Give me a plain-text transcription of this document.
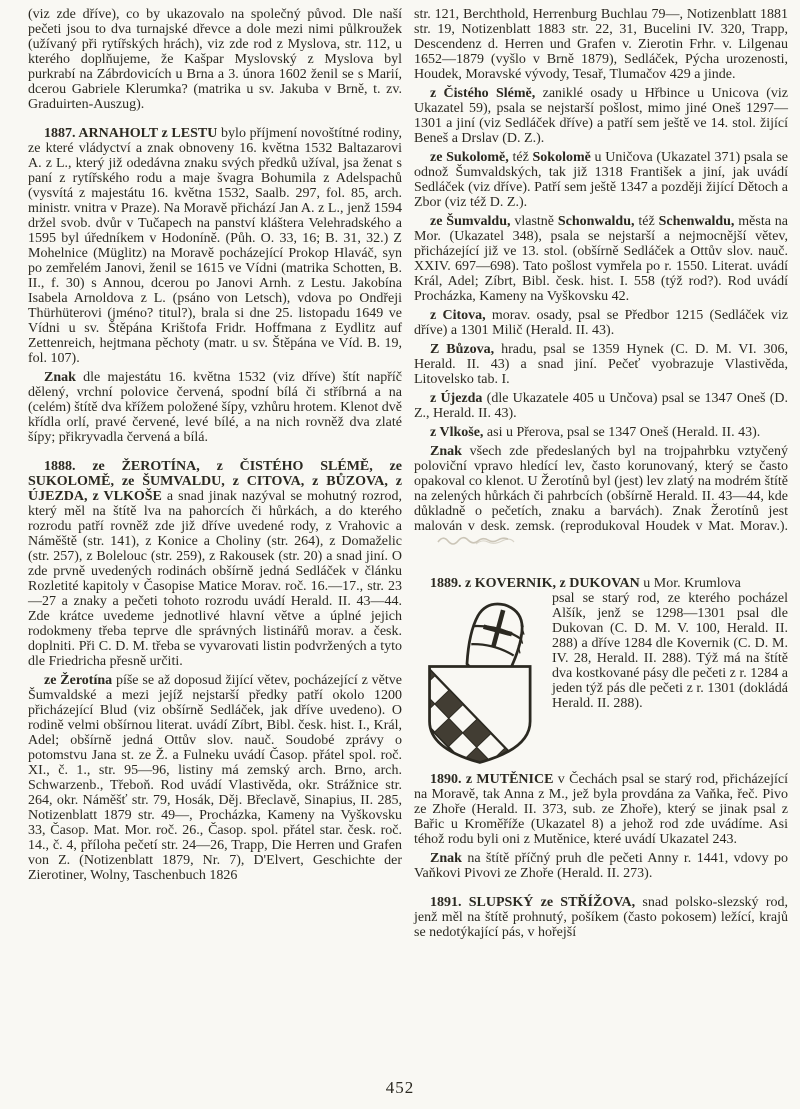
(viz zde dříve), co by ukazovalo na společný původ. Dle naší pečeti jsou to dva turnajské dřevce a dole mezi nimi půlkroužek (užívaný při rytířských hrách), viz zde rod z Myslova, str. 112, u kterého doplňujeme, že Kašpar Myslovský z Myslova byl purkrabí na Zábrdovicích u Brna a 3. února 1602 ženil se s Marií, dcerou Gabriele Klerumka? (matrika u sv. Jakuba v Brně, t. zv. Graduirten-Auszug).

1887. ARNAHOLT z LESTU bylo příjmení novoštítné rodiny, ze které vládyctví a znak obnoveny 16. května 1532 Baltazarovi A. z L., který již odedávna znaku svých předků užíval, jsa ženat s paní z rytířského rodu a maje švagra Bohumila z Adelspachů (vysvítá z majestátu 16. května 1532, Saalb. 297, fol. 85, arch. ministr. vnitra v Praze). Na Moravě přichází Jan A. z L., jenž 1594 držel svob. dvůr v Tučapech na panství kláštera Velehradského a 1595 byl úředníkem v Hodoníně. (Půh. O. 33, 16; B. 31, 32.) Z Mohelnice (Müglitz) na Moravě pocházející Prokop Hlaváč, syn po zemřelém Janovi, ženil se 1615 ve Vídni (matrika Schotten, B. II., f. 30) s Annou, dcerou po Janovi Arnh. z Lestu. Jakobína Isabela Arnoldova z L. (psáno von Letsch), vdova po Ondřeji Thürhüterovi (jméno? titul?), brala si dne 25. listopadu 1649 ve Vídni u sv. Štěpána Krištofa Fridr. Hoffmana z Eydlitz auf Zettenreich, hejtmana pěchoty (matr. u sv. Štěpána ve Víd. B. 19, fol. 107).

Znak dle majestátu 16. května 1532 (viz dříve) štít napříč dělený, vrchní polovice červená, spodní bílá či stříbrná a na (celém) štítě dva křížem položené šípy, vzhůru hrotem. Klenot dvě křídla orlí, pravé červené, levé bílé, a na nich rovněž dva zlaté šípy; přikryvadla červená a bílá.

1888. ze ŽEROTÍNA, z ČISTÉHO SLÉMĚ, ze SUKOLOMĚ, ze ŠUMVALDU, z CITOVA, z BŮZOVA, z ÚJEZDA, z VLKOŠE a snad jinak nazýval se mohutný rozrod, který měl na štítě lva na pahorcích či hůrkách, a do kterého rozrodu patří rovněž zde již dříve uvedené rody, z Vrahovic a Náměště (str. 141), z Konice a Choliny (str. 264), z Domaželic (str. 257), z Bolelouc (str. 259), z Rakousek (str. 20) a snad jiní. O zde prvně uvedených rodinách obšírně jedná Sedláček v článku Rozletité kapitoly v Časopise Matice Morav. roč. 16.—17., str. 23—27 a znaky a pečeti tohoto rozrodu uvádí Herald. II. 43—44. Zde krátce uvedeme jednotlivé hlavní větve a úplné jejich rodokmeny třeba teprve dle správných listinářů morav. a česk. doplniti. Při C. D. M. třeba se vyvarovati listin podvržených a tyto dle Friedricha přesně určiti.

ze Žerotína píše se až doposud žijící větev, pocházející z větve Šumvaldské a mezi jejíž nejstarší předky patří okolo 1200 přicházející Blud (viz obšírně Sedláček, jak dříve uvedeno). O rodině velmi obšírnou literat. uvádí Zíbrt, Bibl. česk. hist. I., Král, Adel; obšírně jedná Ottův slov. nauč. Soudobé zprávy o potomstvu Jana st. ze Ž. a Fulneku uvádí Časop. přátel spol. roč. XI., č. 1., str. 95—96, listiny má zemský arch. Brno, arch. Schwarzenb., Třeboň. Rod uvádí Vlastivěda, okr. Strážnice str. 264, okr. Náměšť str. 79, Hosák, Děj. Břeclavě, Sinapius, II. 285, Notizenblatt 1879 str. 49—, Procházka, Kameny na Vyškovsku 33, Časop. Mat. Mor. roč. 26., Časop. spol. přátel star. česk. roč. 14., č. 4, příloha pečetí str. 24—26, Trapp, Die Herren und Grafen von Z. (Notizenblatt 1879, Nr. 7), D'Elvert, Geschichte der Zierotiner, Wolny, Taschenbuch 1826

str. 121, Berchthold, Herrenburg Buchlau 79—, Notizenblatt 1881 str. 19, Notizenblatt 1883 str. 22, 31, Bucelini IV. 320, Trapp, Descendenz d. Herren und Grafen v. Zierotin Frhr. v. Lilgenau 1652—1879 (vyšlo v Brně 1879), Sedláček, Pýcha urozenosti, Houdek, Moravské vývody, Tesař, Tlumačov 429 a jinde.

z Čistého Slémě, zaniklé osady u Hřbince u Unicova (viz Ukazatel 59), psala se nejstarší pošlost, mimo jiné Oneš 1297—1301 a jiní (viz Sedláček dříve) a patří sem ještě ve 14. stol. žijící Beneš a Drslav (D. Z.).

ze Sukolomě, též Sokolomě u Uničova (Ukazatel 371) psala se odnož Šumvaldských, tak již 1318 František a jiní, jak uvádí Sedláček (viz dříve). Patří sem ještě 1347 a později žijící Dětoch a Zbor (viz též D. Z.).

ze Šumvaldu, vlastně Schonwaldu, též Schenwaldu, města na Mor. (Ukazatel 348), psala se nejstarší a nejmocnější větev, přicházející již ve 13. stol. (obšírně Sedláček a Ottův slov. nauč. XXIV. 697—698). Tato pošlost vymřela po r. 1550. Literat. uvádí Král, Adel; Zíbrt, Bibl. česk. hist. I. 558 (týž rod?). Rod uvádí Procházka, Kameny na Vyškovsku 42.

z Citova, morav. osady, psal se Předbor 1215 (Sedláček viz dříve) a 1301 Milič (Herald. II. 43).

Z Bůzova, hradu, psal se 1359 Hynek (C. D. M. VI. 306, Herald. II. 43) a snad jiní. Pečeť vyobrazuje Vlastivěda, Litovelsko tab. I.

z Újezda (dle Ukazatele 405 u Unčova) psal se 1347 Oneš (D. Z., Herald. II. 43).

z Vlkoše, asi u Přerova, psal se 1347 Oneš (Herald. II. 43).

Znak všech zde předeslaných byl na trojpahrbku vztyčený poloviční vpravo hledící lev, často korunovaný, který se často opakoval co klenot. U Žerotínů byl (jest) lev zlatý na modrém štítě na zelených hůrkách či pahrbcích (obšírně Herald. II. 43—44, kde důkladně o pečetích, znaku a barvách). Znak Žerotínů jest malován v desk. zemsk. (reprodukoval Houdek v Mat. Morav.).

1889. z KOVERNIK, z DUKOVAN u Mor. Krumlova

psal se starý rod, ze kterého pocházel Alšík, jenž se 1298—1301 psal dle Dukovan (C. D. M. V. 100, Herald. II. 288) a dříve 1284 dle Kovernik (C. D. M. IV. 28, Herald. II. 288). Týž má na štítě dva kostkované pásy dle pečeti z r. 1284 a jeden týž pás dle pečeti z r. 1301 (dokládá Herald. II. 288).

1890. z MUTĚNICE v Čechách psal se starý rod, přicházející na Moravě, tak Anna z M., jež byla provdána za Vaňka, řeč. Pivo ze Zhoře (Herald. II. 373, sub. ze Zhoře), který se jinak psal z Bařic u Kroměříže (Ukazatel 8) a jehož rod zde uvádíme. Asi téhož rodu byli oni z Mutěnice, které uvádí Ukazatel 243.

Znak na štítě příčný pruh dle pečeti Anny r. 1441, vdovy po Vaňkovi Pivovi ze Zhoře (Herald. II. 273).

1891. SLUPSKÝ ze STŘÍŽOVA, snad polsko-slezský rod, jenž měl na štítě prohnutý, pošíkem (často pokosem) ležící, krajů se nedotýkající pás, v hořejší

452
